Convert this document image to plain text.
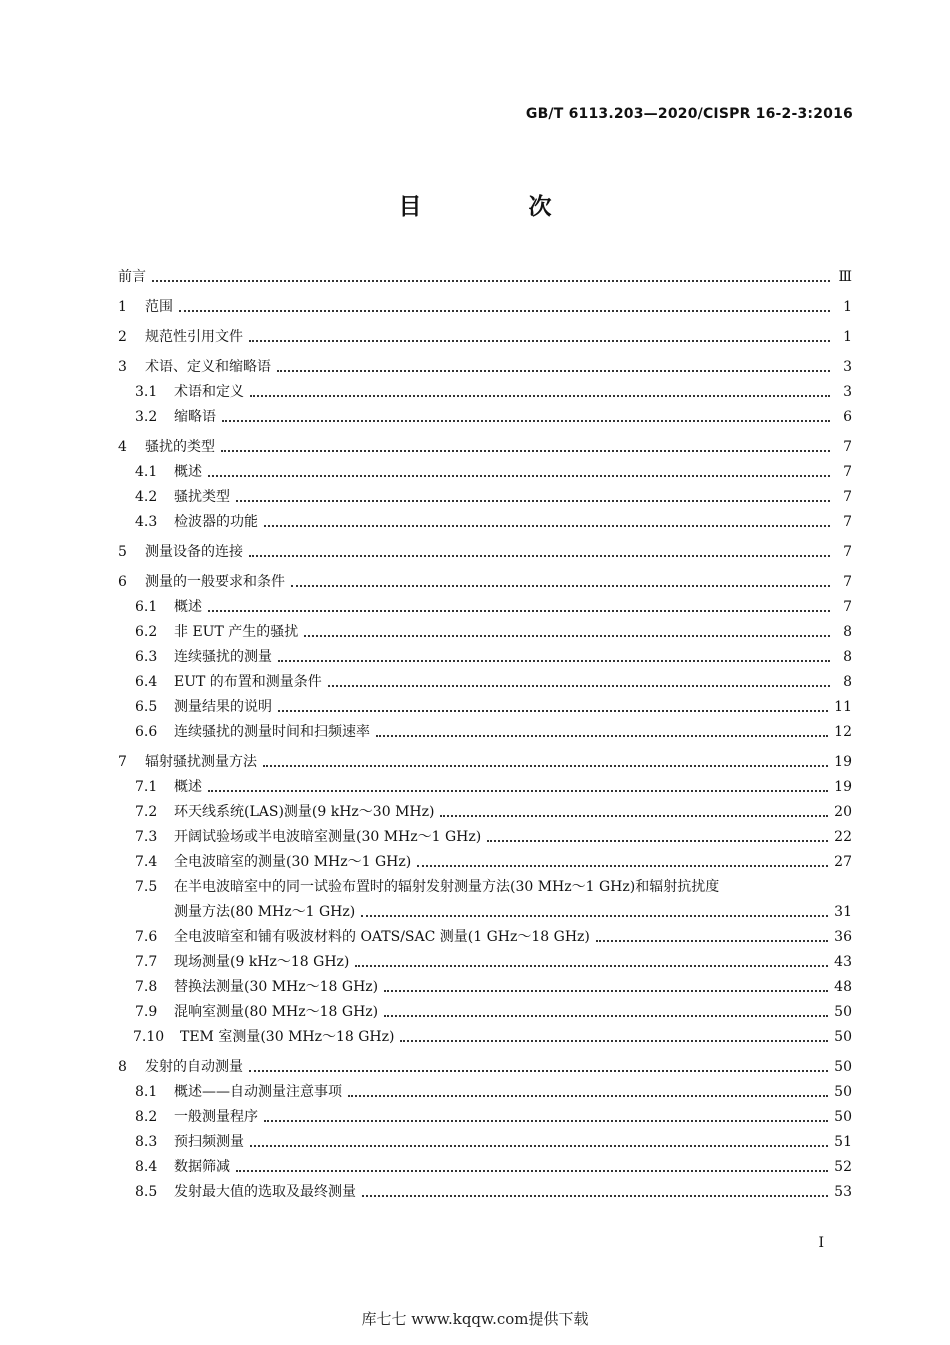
GB/T 6113.203—2020/CISPR 16-2-3:2016
目　次
前言	Ⅲ
1	范围	1
2	规范性引用文件	1
3	术语、定义和缩略语	3
3.1	术语和定义	3
3.2	缩略语	6
4	骚扰的类型	7
4.1	概述	7
4.2	骚扰类型	7
4.3	检波器的功能	7
5	测量设备的连接	7
6	测量的一般要求和条件	7
6.1	概述	7
6.2	非 EUT 产生的骚扰	8
6.3	连续骚扰的测量	8
6.4	EUT 的布置和测量条件	8
6.5	测量结果的说明	11
6.6	连续骚扰的测量时间和扫频速率	12
7	辐射骚扰测量方法	19
7.1	概述	19
7.2	环天线系统(LAS)测量(9 kHz～30 MHz)	20
7.3	开阔试验场或半电波暗室测量(30 MHz～1 GHz)	22
7.4	全电波暗室的测量(30 MHz～1 GHz)	27
7.5	在半电波暗室中的同一试验布置时的辐射发射测量方法(30 MHz～1 GHz)和辐射抗扰度
测量方法(80 MHz～1 GHz)	31
7.6	全电波暗室和铺有吸波材料的 OATS/SAC 测量(1 GHz～18 GHz)	36
7.7	现场测量(9 kHz～18 GHz)	43
7.8	替换法测量(30 MHz～18 GHz)	48
7.9	混响室测量(80 MHz～18 GHz)	50
7.10	TEM 室测量(30 MHz～18 GHz)	50
8	发射的自动测量	50
8.1	概述——自动测量注意事项	50
8.2	一般测量程序	50
8.3	预扫频测量	51
8.4	数据筛减	52
8.5	发射最大值的选取及最终测量	53
I
库七七 www.kqqw.com提供下载
